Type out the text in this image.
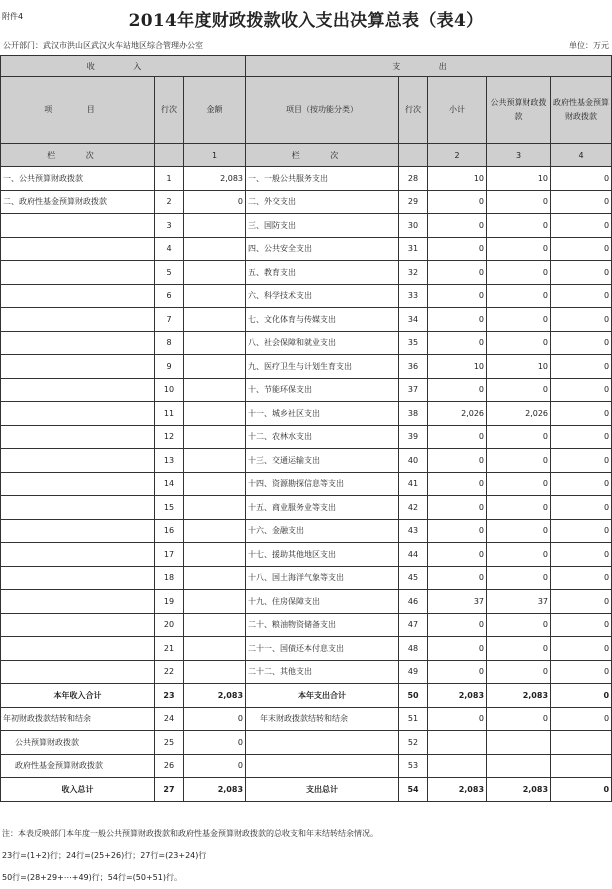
附件4	2014年度财政拨款收入支出决算总表（表4）
公开部门：武汉市洪山区武汉火车站地区综合管理办公室	单位：万元
收 入			支 出				
项 目	行次	金额	项目（按功能分类）	行次	小计	公共预算财政拨款	政府性基金预算财政拨款
栏 次		1	栏 次		2	3	4
一、公共预算财政拨款	1	2,083	一、一般公共服务支出	28	10	10	0
二、政府性基金预算财政拨款	2	0	二、外交支出	29	0	0	0
	3		三、国防支出	30	0	0	0
	4		四、公共安全支出	31	0	0	0
	5		五、教育支出	32	0	0	0
	6		六、科学技术支出	33	0	0	0
	7		七、文化体育与传媒支出	34	0	0	0
	8		八、社会保障和就业支出	35	0	0	0
	9		九、医疗卫生与计划生育支出	36	10	10	0
	10		十、节能环保支出	37	0	0	0
	11		十一、城乡社区支出	38	2,026	2,026	0
	12		十二、农林水支出	39	0	0	0
	13		十三、交通运输支出	40	0	0	0
	14		十四、资源勘探信息等支出	41	0	0	0
	15		十五、商业服务业等支出	42	0	0	0
	16		十六、金融支出	43	0	0	0
	17		十七、援助其他地区支出	44	0	0	0
	18		十八、国土海洋气象等支出	45	0	0	0
	19		十九、住房保障支出	46	37	37	0
	20		二十、粮油物资储备支出	47	0	0	0
	21		二十一、国债还本付息支出	48	0	0	0
	22		二十二、其他支出	49	0	0	0
本年收入合计	23	2,083	本年支出合计	50	2,083	2,083	0
年初财政拨款结转和结余	24	0	年末财政拨款结转和结余	51	0	0	0
公共预算财政拨款	25	0		52			
政府性基金预算财政拨款	26	0		53			
收入总计	27	2,083	支出总计	54	2,083	2,083	0
注：本表反映部门本年度一般公共预算财政拨款和政府性基金预算财政拨款的总收支和年末结转结余情况。
23行=(1+2)行；24行=(25+26)行；27行=(23+24)行
50行=(28+29+⋯+49)行；54行=(50+51)行。
